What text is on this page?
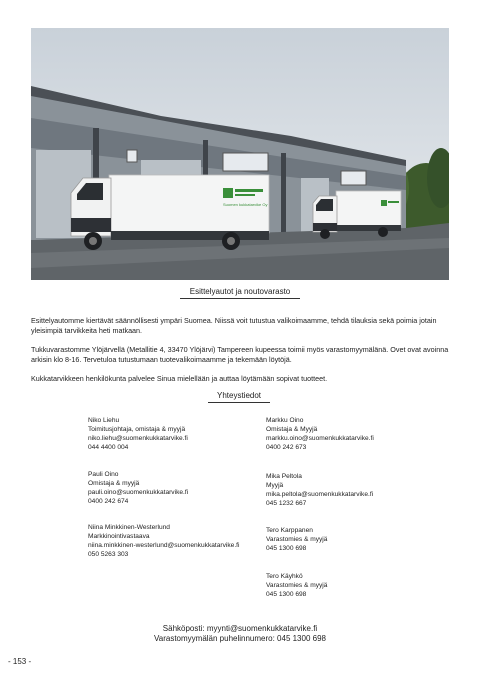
Suomen kukkatarvike Oy
Esittelyautot ja noutovarasto
Esittelyautomme kiertävät säännöllisesti ympäri Suomea. Niissä voit tutustua valikoimaamme, tehdä tilauksia sekä poimia jotain yleisimpiä tarvikkeita heti matkaan.
Tukkuvarastomme Ylöjärvellä (Metallitie 4, 33470 Ylöjärvi) Tampereen kupeessa toimii myös varastomyymälänä. Ovet ovat avoinna arkisin klo 8-16. Tervetuloa tutustumaan tuotevalikoimaamme ja tekemään löytöjä.
Kukkatarvikkeen henkilökunta palvelee Sinua mielellään ja auttaa löytämään sopivat tuotteet.
Yhteystiedot
Niko Liehu
Toimitusjohtaja, omistaja & myyjä
niko.liehu@suomenkukkatarvike.fi
044 4400 004
Markku Oino
Omistaja & Myyjä
markku.oino@suomenkukkatarvike.fi
0400 242 673
Pauli Oino
Omistaja & myyjä
pauli.oino@suomenkukkatarvike.fi
0400 242 674
Mika Peltola
Myyjä
mika.peltola@suomenkukkatarvike.fi
045 1232 667
Niina Minkkinen-Westerlund
Markkinointivastaava
niina.minkkinen-westerlund@suomenkukkatarvike.fi
050 5263 303
Tero Karppanen
Varastomies & myyjä
045 1300 698
Tero Käyhkö
Varastomies & myyjä
045 1300 698
Sähköposti: myynti@suomenkukkatarvike.fi
Varastomyymälän puhelinnumero: 045 1300 698
- 153 -
